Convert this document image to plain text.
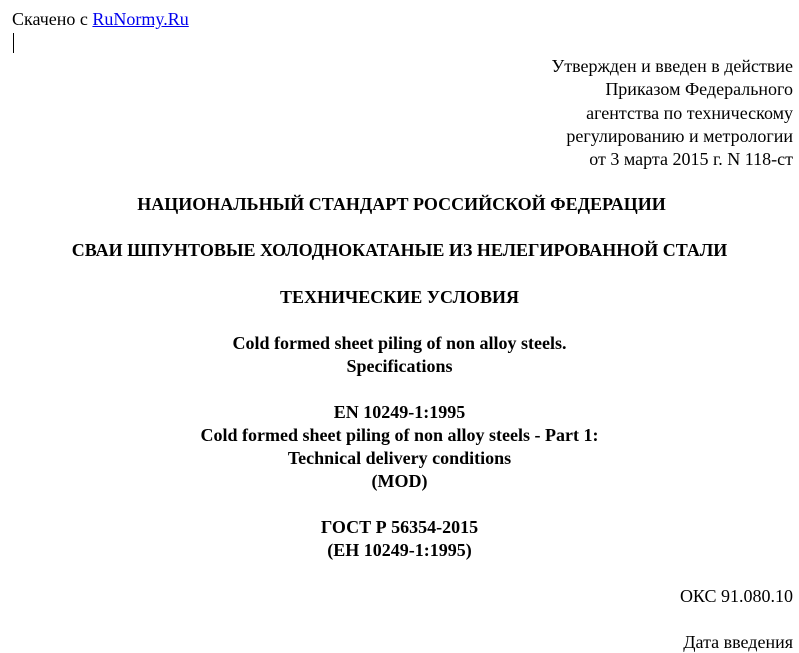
Скачено с RuNormy.Ru
Утвержден и введен в действие
Приказом Федерального
агентства по техническому
регулированию и метрологии
от 3 марта 2015 г. N 118-ст
НАЦИОНАЛЬНЫЙ СТАНДАРТ РОССИЙСКОЙ ФЕДЕРАЦИИ
СВАИ ШПУНТОВЫЕ ХОЛОДНОКАТАНЫЕ ИЗ НЕЛЕГИРОВАННОЙ СТАЛИ
ТЕХНИЧЕСКИЕ УСЛОВИЯ
Cold formed sheet piling of non alloy steels.
Specifications
EN 10249-1:1995
Cold formed sheet piling of non alloy steels - Part 1:
Technical delivery conditions
(MOD)
ГОСТ Р 56354-2015
(ЕН 10249-1:1995)
ОКС 91.080.10
Дата введения
